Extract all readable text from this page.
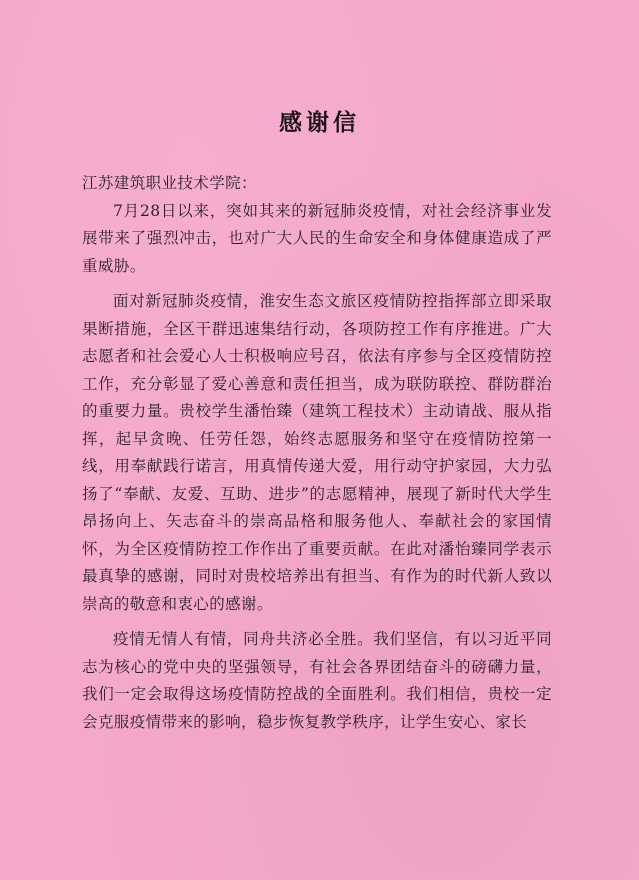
感谢信

江苏建筑职业技术学院：

7月28日以来，突如其来的新冠肺炎疫情，对社会经济事业发展带来了强烈冲击，也对广大人民的生命安全和身体健康造成了严重威胁。

面对新冠肺炎疫情，淮安生态文旅区疫情防控指挥部立即采取果断措施，全区干群迅速集结行动，各项防控工作有序推进。广大志愿者和社会爱心人士积极响应号召，依法有序参与全区疫情防控工作，充分彰显了爱心善意和责任担当，成为联防联控、群防群治的重要力量。贵校学生潘怡臻（建筑工程技术）主动请战、服从指挥，起早贪晚、任劳任怨，始终志愿服务和坚守在疫情防控第一线，用奉献践行诺言，用真情传递大爱，用行动守护家园，大力弘扬了“奉献、友爱、互助、进步”的志愿精神，展现了新时代大学生昂扬向上、矢志奋斗的崇高品格和服务他人、奉献社会的家国情怀，为全区疫情防控工作作出了重要贡献。在此对潘怡臻同学表示最真挚的感谢，同时对贵校培养出有担当、有作为的时代新人致以崇高的敬意和衷心的感谢。

疫情无情人有情，同舟共济必全胜。我们坚信，有以习近平同志为核心的党中央的坚强领导，有社会各界团结奋斗的磅礴力量，我们一定会取得这场疫情防控战的全面胜利。我们相信，贵校一定会克服疫情带来的影响，稳步恢复教学秩序，让学生安心、家长
